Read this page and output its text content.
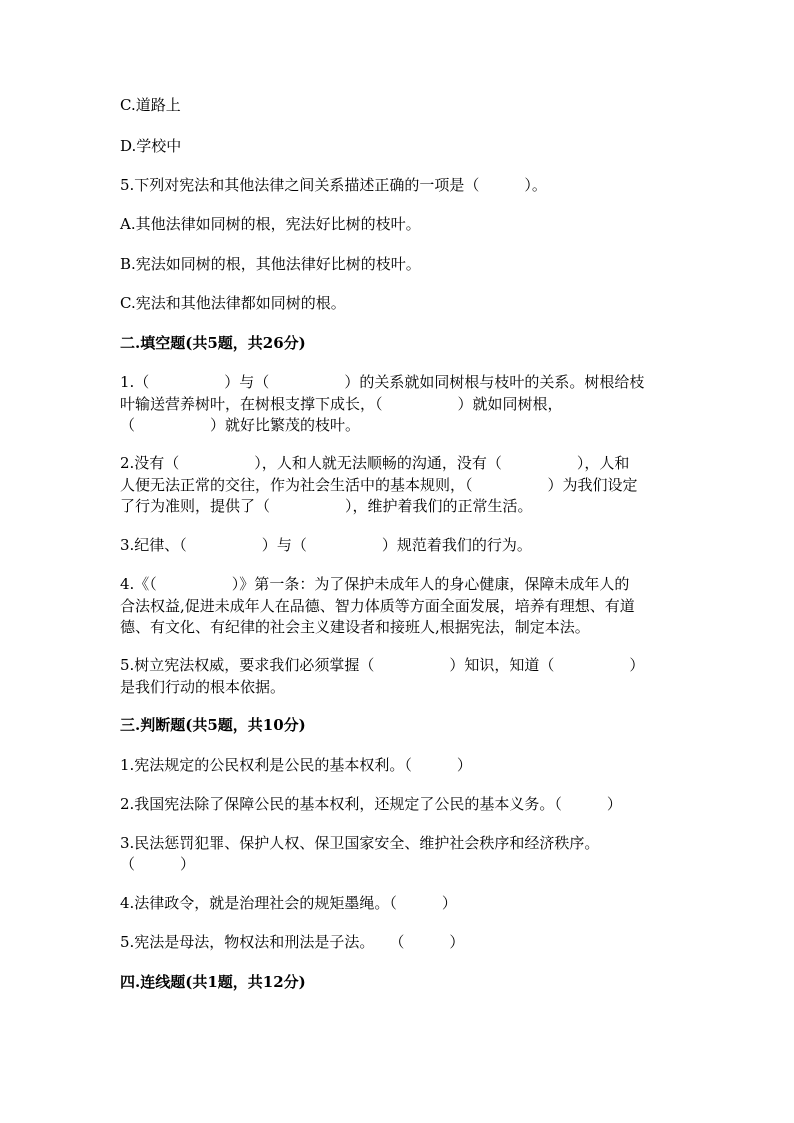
C.道路上
D.学校中
5.下列对宪法和其他法律之间关系描述正确的一项是（　　　）。
A.其他法律如同树的根，宪法好比树的枝叶。
B.宪法如同树的根，其他法律好比树的枝叶。
C.宪法和其他法律都如同树的根。
二.填空题(共5题，共26分)
1.（　　　　　）与（　　　　　）的关系就如同树根与枝叶的关系。树根给枝
叶输送营养树叶，在树根支撑下成长，（　　　　　）就如同树根，
（　　　　　）就好比繁茂的枝叶。
2.没有（　　　　　），人和人就无法顺畅的沟通，没有（　　　　　），人和
人便无法正常的交往，作为社会生活中的基本规则，（　　　　　）为我们设定
了行为准则，提供了（　　　　　），维护着我们的正常生活。
3.纪律、（　　　　　）与（　　　　　）规范着我们的行为。
4.《（　　　　　）》第一条：为了保护未成年人的身心健康，保障未成年人的
合法权益,促进未成年人在品德、智力体质等方面全面发展，培养有理想、有道
德、有文化、有纪律的社会主义建设者和接班人,根据宪法，制定本法。
5.树立宪法权威，要求我们必须掌握（　　　　　）知识，知道（　　　　　）
是我们行动的根本依据。
三.判断题(共5题，共10分)
1.宪法规定的公民权利是公民的基本权利。（　　　）
2.我国宪法除了保障公民的基本权利，还规定了公民的基本义务。（　　　）
3.民法惩罚犯罪、保护人权、保卫国家安全、维护社会秩序和经济秩序。
（　　　）
4.法律政令，就是治理社会的规矩墨绳。（　　　）
5.宪法是母法，物权法和刑法是子法。　　（　　　）
四.连线题(共1题，共12分)
